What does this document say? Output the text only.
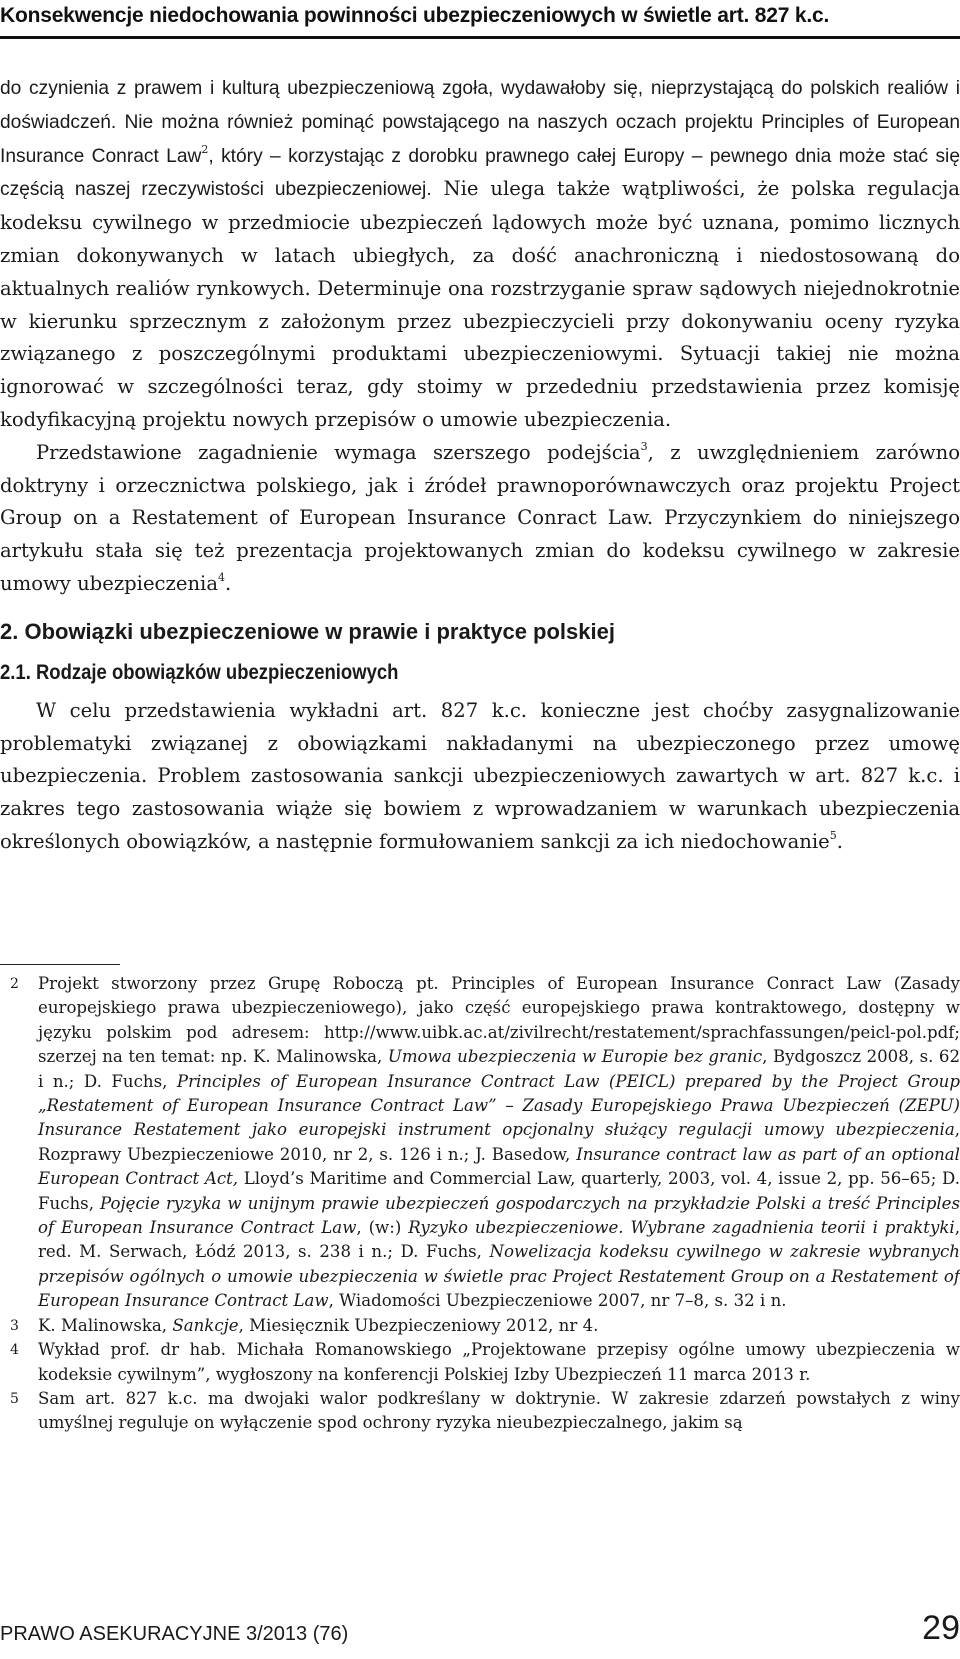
Konsekwencje niedochowania powinności ubezpieczeniowych w świetle art. 827 k.c.

do czynienia z prawem i kulturą ubezpieczeniową zgoła, wydawałoby się, nieprzystającą do polskich realiów i doświadczeń. Nie można również pominąć powstającego na naszych oczach projektu Principles of European Insurance Conract Law$^2$, który – korzystając z dorobku prawnego całej Europy – pewnego dnia może stać się częścią naszej rzeczywistości ubezpieczeniowej. Nie ulega także wątpliwości, że polska regulacja kodeksu cywilnego w przedmiocie ubezpieczeń lądowych może być uznana, pomimo licznych zmian dokonywanych w latach ubiegłych, za dość anachroniczną i niedostosowaną do aktualnych realiów rynkowych. Determinuje ona rozstrzyganie spraw sądowych niejednokrotnie w kierunku sprzecznym z założonym przez ubezpieczycieli przy dokonywaniu oceny ryzyka związanego z poszczególnymi produktami ubezpieczeniowymi. Sytuacji takiej nie można ignorować w szczególności teraz, gdy stoimy w przededniu przedstawienia przez komisję kodyfikacyjną projektu nowych przepisów o umowie ubezpieczenia.

Przedstawione zagadnienie wymaga szerszego podejścia$^3$, z uwzględnieniem zarówno doktryny i orzecznictwa polskiego, jak i źródeł prawnoporównawczych oraz projektu Project Group on a Restatement of European Insurance Conract Law. Przyczynkiem do niniejszego artykułu stała się też prezentacja projektowanych zmian do kodeksu cywilnego w zakresie umowy ubezpieczenia$^4$.

2. Obowiązki ubezpieczeniowe w prawie i praktyce polskiej
2.1. Rodzaje obowiązków ubezpieczeniowych

W celu przedstawienia wykładni art. 827 k.c. konieczne jest choćby zasygnalizowanie problematyki związanej z obowiązkami nakładanymi na ubezpieczonego przez umowę ubezpieczenia. Problem zastosowania sankcji ubezpieczeniowych zawartych w art. 827 k.c. i zakres tego zastosowania wiąże się bowiem z wprowadzaniem w warunkach ubezpieczenia określonych obowiązków, a następnie formułowaniem sankcji za ich niedochowanie$^5$.

2 Projekt stworzony przez Grupę Roboczą pt. Principles of European Insurance Conract Law (Zasady europejskiego prawa ubezpieczeniowego), jako część europejskiego prawa kontraktowego, dostępny w języku polskim pod adresem: http://www.uibk.ac.at/zivilrecht/restatement/sprachfassungen/peicl-pol.pdf; szerzej na ten temat: np. K. Malinowska, Umowa ubezpieczenia w Europie bez granic, Bydgoszcz 2008, s. 62 i n.; D. Fuchs, Principles of European Insurance Contract Law (PEICL) prepared by the Project Group „Restatement of European Insurance Contract Law” – Zasady Europejskiego Prawa Ubezpieczeń (ZEPU) Insurance Restatement jako europejski instrument opcjonalny służący regulacji umowy ubezpieczenia, Rozprawy Ubezpieczeniowe 2010, nr 2, s. 126 i n.; J. Basedow, Insurance contract law as part of an optional European Contract Act, Lloyd’s Maritime and Commercial Law, quarterly, 2003, vol. 4, issue 2, pp. 56–65; D. Fuchs, Pojęcie ryzyka w unijnym prawie ubezpieczeń gospodarczych na przykładzie Polski a treść Principles of European Insurance Contract Law, (w:) Ryzyko ubezpieczeniowe. Wybrane zagadnienia teorii i praktyki, red. M. Serwach, Łódź 2013, s. 238 i n.; D. Fuchs, Nowelizacja kodeksu cywilnego w zakresie wybranych przepisów ogólnych o umowie ubezpieczenia w świetle prac Project Restatement Group on a Restatement of European Insurance Contract Law, Wiadomości Ubezpieczeniowe 2007, nr 7–8, s. 32 i n.

3 K. Malinowska, Sankcje, Miesięcznik Ubezpieczeniowy 2012, nr 4.

4 Wykład prof. dr hab. Michała Romanowskiego „Projektowane przepisy ogólne umowy ubezpieczenia w kodeksie cywilnym”, wygłoszony na konferencji Polskiej Izby Ubezpieczeń 11 marca 2013 r.

5 Sam art. 827 k.c. ma dwojaki walor podkreślany w doktrynie. W zakresie zdarzeń powstałych z winy umyślnej reguluje on wyłączenie spod ochrony ryzyka nieubezpieczalnego, jakim są

PRAWO ASEKURACYJNE 3/2013 (76)	29
